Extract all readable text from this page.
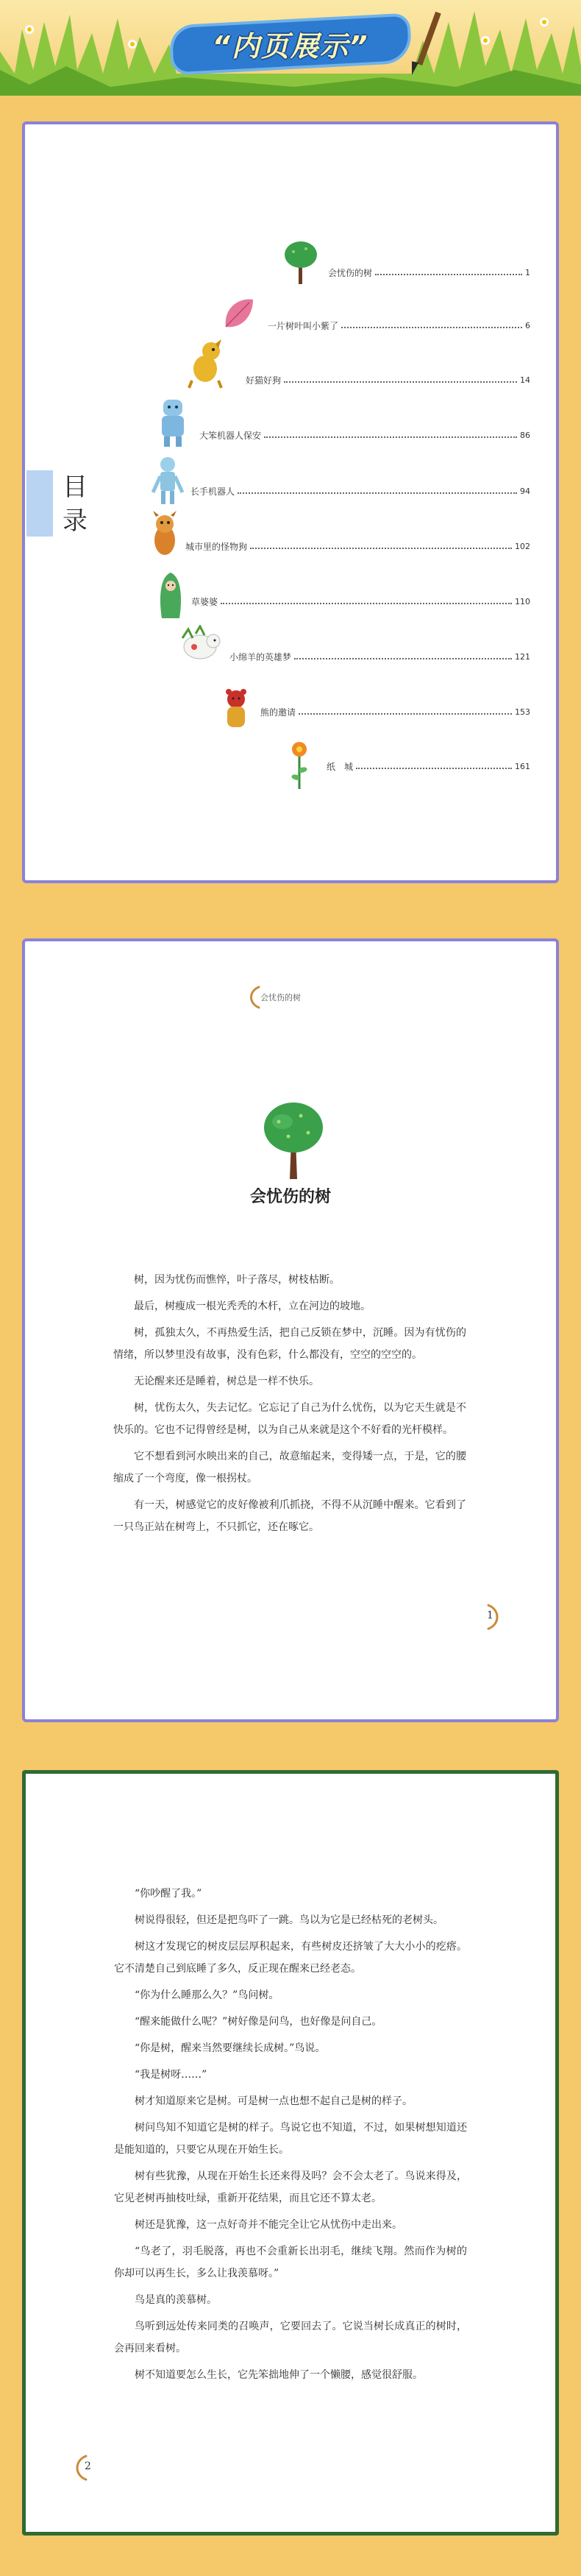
“内页展示”
目
录
会忧伤的树	1
一片树叶叫小紫了	6
好猫好狗	14
大笨机器人保安	86
长手机器人	94
城市里的怪物狗	102
草婆婆	110
小绵羊的英雄梦	121
熊的邀请	153
纸　城	161
会忧伤的树
会忧伤的树

树，因为忧伤而憔悴，叶子落尽，树枝枯断。

最后，树瘦成一根光秃秃的木杆，立在河边的坡地。

树，孤独太久，不再热爱生活，把自己反锁在梦中，沉睡。因为有忧伤的情绪，所以梦里没有故事，没有色彩，什么都没有，空空的空空的。

无论醒来还是睡着，树总是一样不快乐。

树，忧伤太久，失去记忆。它忘记了自己为什么忧伤，以为它天生就是不快乐的。它也不记得曾经是树，以为自己从来就是这个不好看的光杆模样。

它不想看到河水映出来的自己，故意缩起来，变得矮一点，于是，它的腰缩成了一个弯度，像一根拐杖。

有一天，树感觉它的皮好像被利爪抓挠，不得不从沉睡中醒来。它看到了一只鸟正站在树弯上，不只抓它，还在啄它。

1

“你吵醒了我。”

树说得很轻，但还是把鸟吓了一跳。鸟以为它是已经枯死的老树头。

树这才发现它的树皮层层厚积起来，有些树皮还挤皱了大大小小的疙瘩。它不清楚自己到底睡了多久，反正现在醒来已经老态。

“你为什么睡那么久？”鸟问树。

“醒来能做什么呢？”树好像是问鸟，也好像是问自己。

“你是树，醒来当然要继续长成树。”鸟说。

“我是树呀……”

树才知道原来它是树。可是树一点也想不起自己是树的样子。

树问鸟知不知道它是树的样子。鸟说它也不知道，不过，如果树想知道还是能知道的，只要它从现在开始生长。

树有些犹豫，从现在开始生长还来得及吗？会不会太老了。鸟说来得及，它见老树再抽枝吐绿，重新开花结果，而且它还不算太老。

树还是犹豫，这一点好奇并不能完全让它从忧伤中走出来。

“鸟老了，羽毛脱落，再也不会重新长出羽毛，继续飞翔。然而作为树的你却可以再生长，多么让我羡慕呀。”

鸟是真的羡慕树。

鸟听到远处传来同类的召唤声，它要回去了。它说当树长成真正的树时，会再回来看树。

树不知道要怎么生长，它先笨拙地伸了一个懒腰，感觉很舒服。

2
